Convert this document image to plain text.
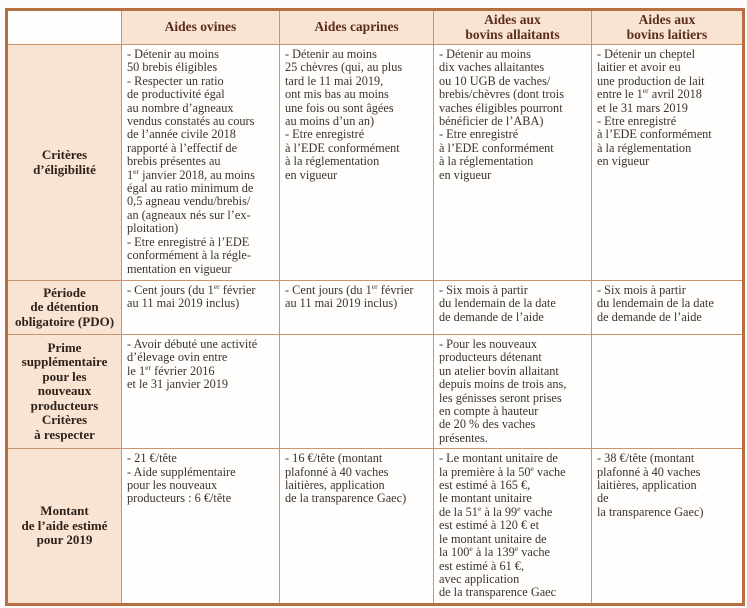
	Aides ovines	Aides caprines	Aides aux
bovins allaitants	Aides aux
bovins laitiers
Critères
d’éligibilité	- Détenir au moins
50 brebis éligibles
- Respecter un ratio
de productivité égal
au nombre d’agneaux
vendus constatés au cours
de l’année civile 2018
rapporté à l’effectif de
brebis présentes au
1er janvier 2018, au moins
égal au ratio minimum de
0,5 agneau vendu/brebis/
an (agneaux nés sur l’ex-
ploitation)
- Etre enregistré à l’EDE
conformément à la régle-
mentation en vigueur	- Détenir au moins
25 chèvres (qui, au plus
tard le 11 mai 2019,
ont mis bas au moins
une fois ou sont âgées
au moins d’un an)
- Etre enregistré
à l’EDE conformément
à la réglementation
en vigueur	- Détenir au moins
dix vaches allaitantes
ou 10 UGB de vaches/
brebis/chèvres (dont trois
vaches éligibles pourront
bénéficier de l’ABA)
- Etre enregistré
à l’EDE conformément
à la réglementation
en vigueur	- Détenir un cheptel
laitier et avoir eu
une production de lait
entre le 1er avril 2018
et le 31 mars 2019
- Etre enregistré
à l’EDE conformément
à la réglementation
en vigueur
Période
de détention
obligatoire (PDO)	- Cent jours (du 1er février
au 11 mai 2019 inclus)	- Cent jours (du 1er février
au 11 mai 2019 inclus)	- Six mois à partir
du lendemain de la date
de demande de l’aide	- Six mois à partir
du lendemain de la date
de demande de l’aide
Prime
supplémentaire
pour les
nouveaux
producteurs
Critères
à respecter	- Avoir débuté une activité
d’élevage ovin entre
le 1er février 2016
et le 31 janvier 2019		- Pour les nouveaux
producteurs détenant
un atelier bovin allaitant
depuis moins de trois ans,
les génisses seront prises
en compte à hauteur
de 20 % des vaches
présentes.	
Montant
de l’aide estimé
pour 2019	- 21 €/tête
- Aide supplémentaire
pour les nouveaux
producteurs : 6 €/tête	- 16 €/tête (montant
plafonné à 40 vaches
laitières, application
de la transparence Gaec)	- Le montant unitaire de
la première à la 50e vache
est estimé à 165 €,
le montant unitaire
de la 51e à la 99e vache
est estimé à 120 € et
le montant unitaire de
la 100e à la 139e vache
est estimé à 61 €,
avec application
de la transparence Gaec	- 38 €/tête (montant
plafonné à 40 vaches
laitières, application
de
la transparence Gaec)
